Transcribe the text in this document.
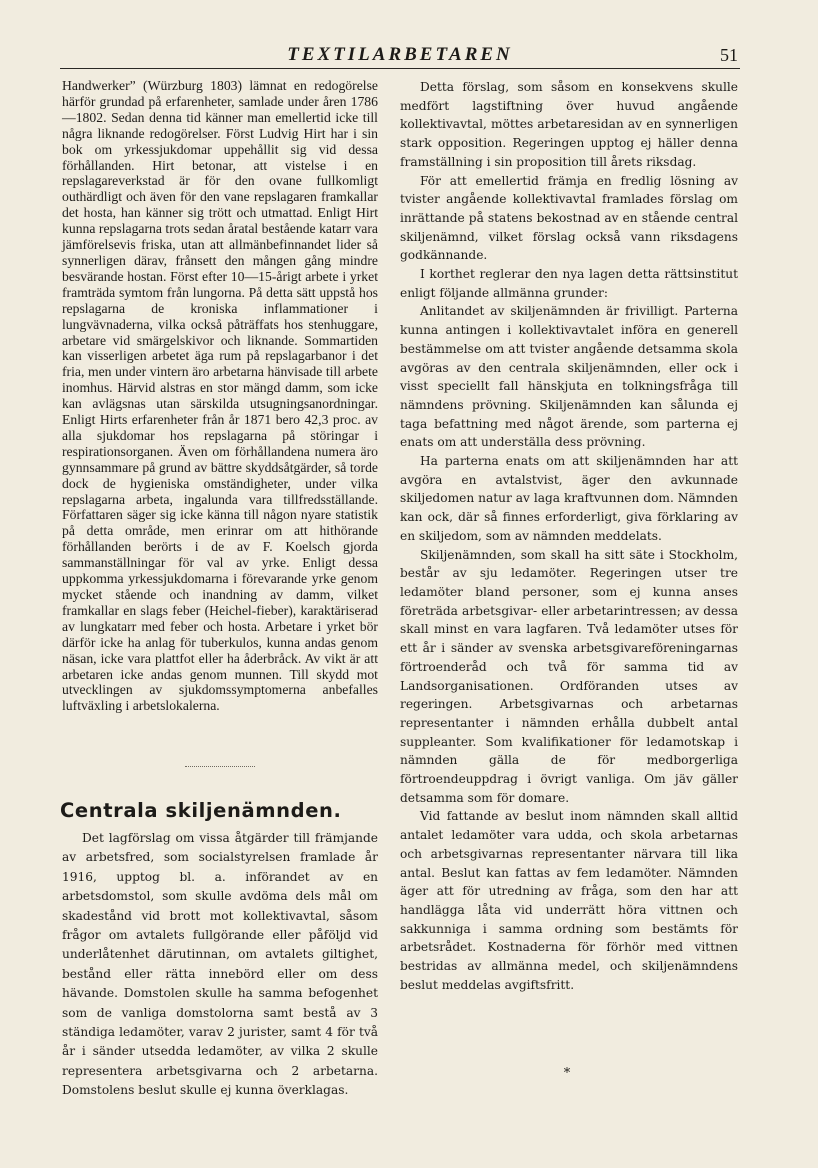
TEXTILARBETAREN	51

Handwerker” (Würzburg 1803) lämnat en redogörelse härför grundad på erfarenheter, samlade under åren 1786—1802. Sedan denna tid känner man emellertid icke till några liknande redogörelser. Först Ludvig Hirt har i sin bok om yrkessjukdomar uppehållit sig vid dessa förhållanden. Hirt betonar, att vistelse i en repslagareverkstad är för den ovane fullkomligt outhärdligt och även för den vane repslagaren framkallar det hosta, han känner sig trött och utmattad. Enligt Hirt kunna repslagarna trots sedan åratal bestående katarr vara jämförelsevis friska, utan att allmänbefinnandet lider så synnerligen därav, frånsett den mången gång mindre besvärande hostan. Först efter 10—15-årigt arbete i yrket framträda symtom från lungorna. På detta sätt uppstå hos repslagarna de kroniska inflammationer i lungvävnaderna, vilka också påträffats hos stenhuggare, arbetare vid smärgelskivor och liknande. Sommartiden kan visserligen arbetet äga rum på repslagarbanor i det fria, men under vintern äro arbetarna hänvisade till arbete inomhus. Härvid alstras en stor mängd damm, som icke kan avlägsnas utan särskilda utsugningsanordningar. Enligt Hirts erfarenheter från år 1871 bero 42,3 proc. av alla sjukdomar hos repslagarna på störingar i respirationsorganen. Även om förhållandena numera äro gynnsammare på grund av bättre skyddsåtgärder, så torde dock de hygieniska omständigheter, under vilka repslagarna arbeta, ingalunda vara tillfredsställande. Författaren säger sig icke känna till någon nyare statistik på detta område, men erinrar om att hithörande förhållanden berörts i de av F. Koelsch gjorda sammanställningar för val av yrke. Enligt dessa uppkomma yrkessjukdomarna i förevarande yrke genom mycket stående och inandning av damm, vilket framkallar en slags feber (Heichel-fieber), karaktäriserad av lungkatarr med feber och hosta. Arbetare i yrket bör därför icke ha anlag för tuberkulos, kunna andas genom näsan, icke vara plattfot eller ha åderbråck. Av vikt är att arbetaren icke andas genom munnen. Till skydd mot utvecklingen av sjukdomssymptomerna anbefalles luftväxling i arbetslokalerna.

Centrala skiljenämnden.

Det lagförslag om vissa åtgärder till främjande av arbetsfred, som socialstyrelsen framlade år 1916, upptog bl. a. införandet av en arbetsdomstol, som skulle avdöma dels mål om skadestånd vid brott mot kollektivavtal, såsom frågor om avtalets fullgörande eller påföljd vid underlåtenhet därutinnan, om avtalets giltighet, bestånd eller rätta innebörd eller om dess hävande. Domstolen skulle ha samma befogenhet som de vanliga domstolorna samt bestå av 3 ständiga ledamöter, varav 2 jurister, samt 4 för två år i sänder utsedda ledamöter, av vilka 2 skulle representera arbetsgivarna och 2 arbetarna. Domstolens beslut skulle ej kunna överklagas.

Detta förslag, som såsom en konsekvens skulle medfört lagstiftning över huvud angående kollektivavtal, möttes arbetaresidan av en synnerligen stark opposition. Regeringen upptog ej häller denna framställning i sin proposition till årets riksdag.

För att emellertid främja en fredlig lösning av tvister angående kollektivavtal framlades förslag om inrättande på statens bekostnad av en stående central skiljenämnd, vilket förslag också vann riksdagens godkännande.

I korthet reglerar den nya lagen detta rättsinstitut enligt följande allmänna grunder:

Anlitandet av skiljenämnden är frivilligt. Parterna kunna antingen i kollektivavtalet införa en generell bestämmelse om att tvister angående detsamma skola avgöras av den centrala skiljenämnden, eller ock i visst speciellt fall hänskjuta en tolkningsfråga till nämndens prövning. Skiljenämnden kan sålunda ej taga befattning med något ärende, som parterna ej enats om att underställa dess prövning.

Ha parterna enats om att skiljenämnden har att avgöra en avtalstvist, äger den avkunnade skiljedomen natur av laga kraftvunnen dom. Nämnden kan ock, där så finnes erforderligt, giva förklaring av en skiljedom, som av nämnden meddelats.

Skiljenämnden, som skall ha sitt säte i Stockholm, består av sju ledamöter. Regeringen utser tre ledamöter bland personer, som ej kunna anses företräda arbetsgivar- eller arbetarintressen; av dessa skall minst en vara lagfaren. Två ledamöter utses för ett år i sänder av svenska arbetsgivareföreningarnas förtroenderåd och två för samma tid av Landsorganisationen. Ordföranden utses av regeringen. Arbetsgivarnas och arbetarnas representanter i nämnden erhålla dubbelt antal suppleanter. Som kvalifikationer för ledamotskap i nämnden gälla de för medborgerliga förtroendeuppdrag i övrigt vanliga. Om jäv gäller detsamma som för domare.

Vid fattande av beslut inom nämnden skall alltid antalet ledamöter vara udda, och skola arbetarnas och arbetsgivarnas representanter närvara till lika antal. Beslut kan fattas av fem ledamöter. Nämnden äger att för utredning av fråga, som den har att handlägga låta vid underrätt höra vittnen och sakkunniga i samma ordning som bestämts för arbetsrådet. Kostnaderna för förhör med vittnen bestridas av allmänna medel, och skiljenämndens beslut meddelas avgiftsfritt.

*
